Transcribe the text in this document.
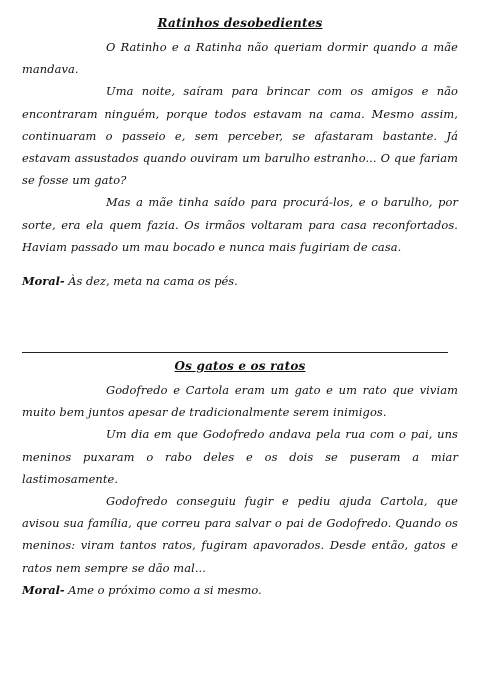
Ratinhos desobedientes

O Ratinho e a Ratinha não queriam dormir quando a mãe mandava.

Uma noite, saíram para brincar com os amigos e não encontraram ninguém, porque todos estavam na cama. Mesmo assim, continuaram o passeio e, sem perceber, se afastaram bastante. Já estavam assustados quando ouviram um barulho estranho... O que fariam se fosse um gato?

Mas a mãe tinha saído para procurá-los, e o barulho, por sorte, era ela quem fazia. Os irmãos voltaram para casa reconfortados. Haviam passado um mau bocado e nunca mais fugiriam de casa.

Moral- Às dez, meta na cama os pés.
Os gatos e os ratos

Godofredo e Cartola eram um gato e um rato que viviam muito bem juntos apesar de tradicionalmente serem inimigos.

Um dia em que Godofredo andava pela rua com o pai, uns meninos puxaram o rabo deles e os dois se puseram a miar lastimosamente.

Godofredo conseguiu fugir e pediu ajuda Cartola, que avisou sua família, que correu para salvar o pai de Godofredo. Quando os meninos: viram tantos ratos, fugiram apavorados. Desde então, gatos e ratos nem sempre se dão mal...

Moral- Ame o próximo como a si mesmo.
